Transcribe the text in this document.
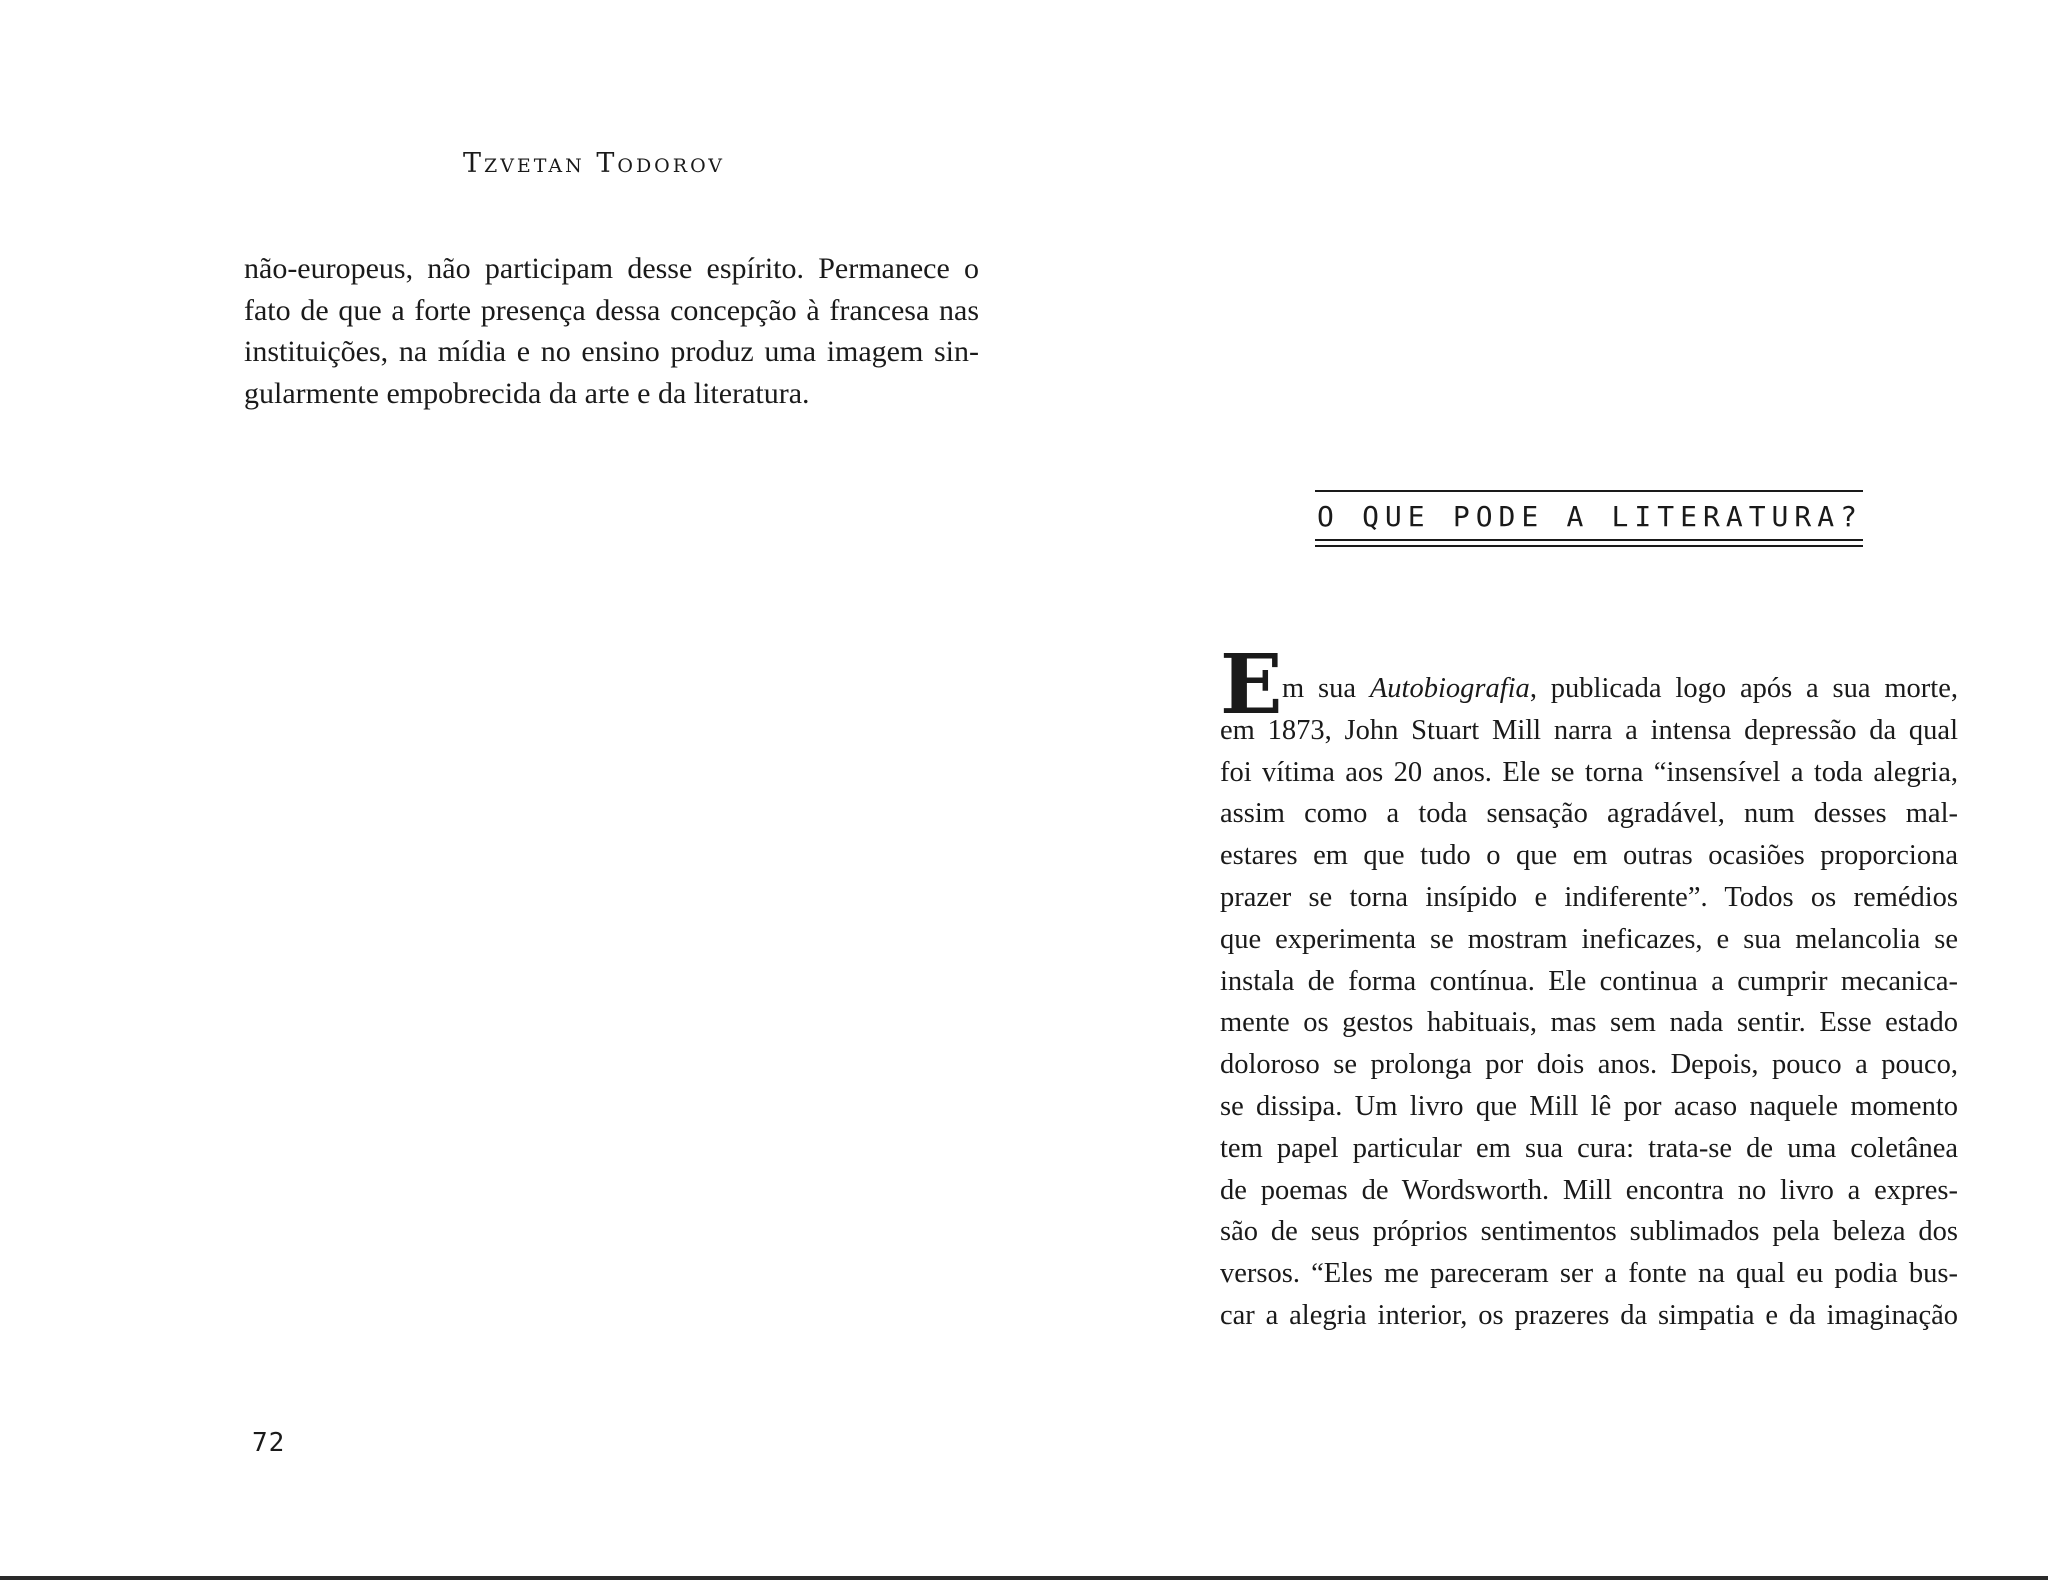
Tzvetan Todorov
não-europeus, não participam desse espírito. Permanece o
fato de que a forte presença dessa concepção à francesa nas
instituições, na mídia e no ensino produz uma imagem sin-
gularmente empobrecida da arte e da literatura.
72
O QUE PODE A LITERATURA?
E m sua Autobiografia, publicada logo após a sua morte,
em 1873, John Stuart Mill narra a intensa depressão da qual
foi vítima aos 20 anos. Ele se torna “insensível a toda alegria,
assim como a toda sensação agradável, num desses mal-
estares em que tudo o que em outras ocasiões proporciona
prazer se torna insípido e indiferente”. Todos os remédios
que experimenta se mostram ineficazes, e sua melancolia se
instala de forma contínua. Ele continua a cumprir mecanica-
mente os gestos habituais, mas sem nada sentir. Esse estado
doloroso se prolonga por dois anos. Depois, pouco a pouco,
se dissipa. Um livro que Mill lê por acaso naquele momento
tem papel particular em sua cura: trata-se de uma coletânea
de poemas de Wordsworth. Mill encontra no livro a expres-
são de seus próprios sentimentos sublimados pela beleza dos
versos. “Eles me pareceram ser a fonte na qual eu podia bus-
car a alegria interior, os prazeres da simpatia e da imaginação
